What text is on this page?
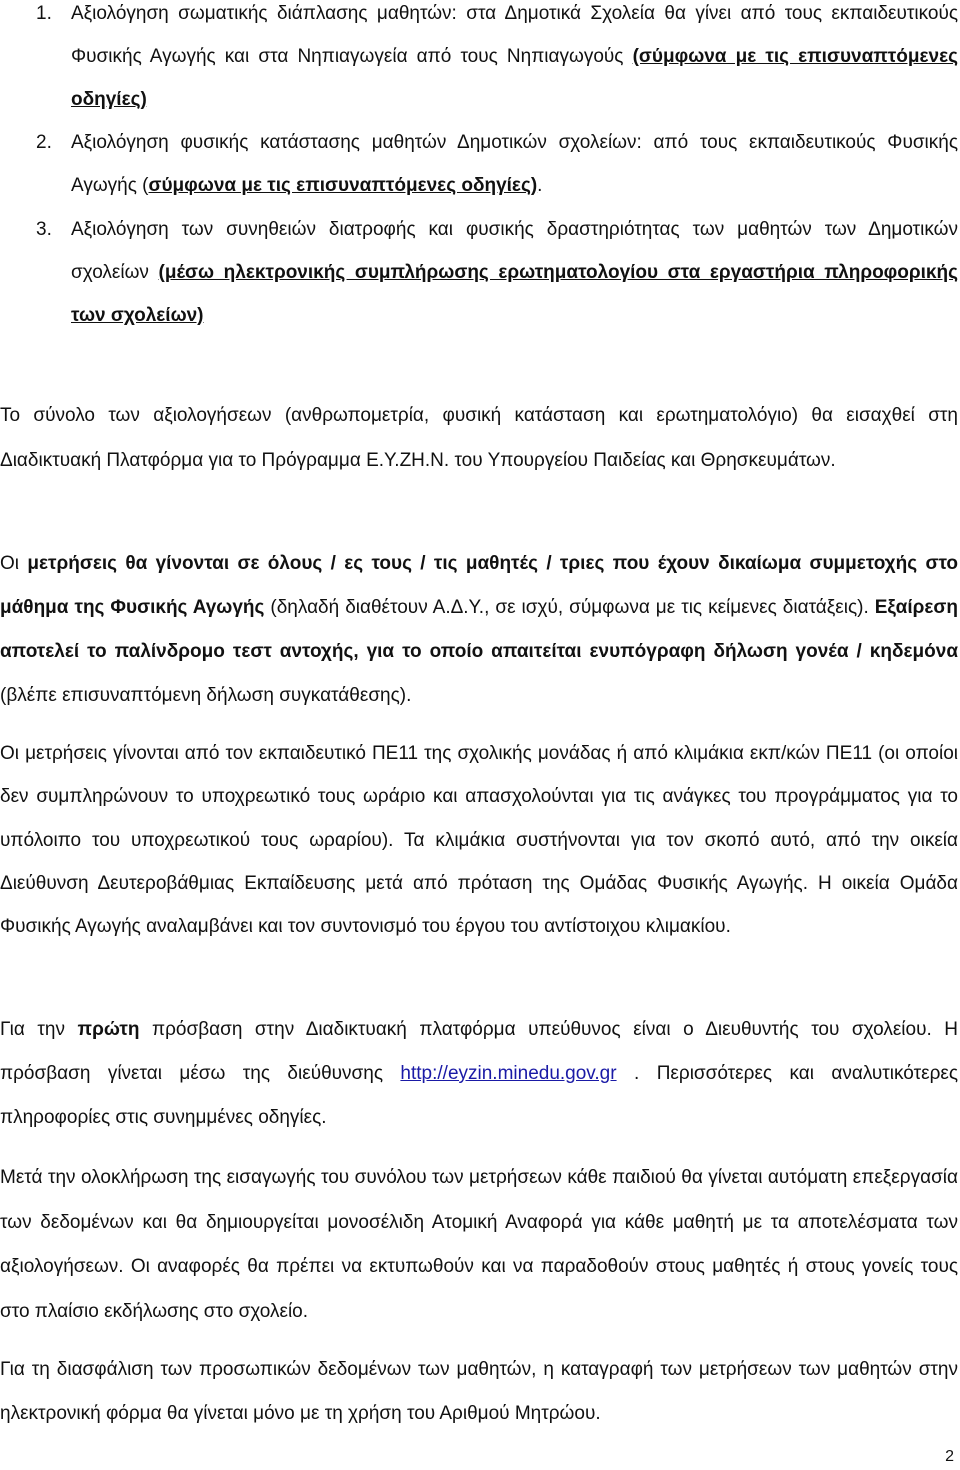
1. Αξιολόγηση σωματικής διάπλασης μαθητών: στα Δημοτικά Σχολεία θα γίνει από τους εκπαιδευτικούς Φυσικής Αγωγής και στα Νηπιαγωγεία από τους Νηπιαγωγούς (σύμφωνα με τις επισυναπτόμενες οδηγίες)
2. Αξιολόγηση φυσικής κατάστασης μαθητών Δημοτικών σχολείων: από τους εκπαιδευτικούς Φυσικής Αγωγής (σύμφωνα με τις επισυναπτόμενες οδηγίες).
3. Αξιολόγηση των συνηθειών διατροφής και φυσικής δραστηριότητας των μαθητών των Δημοτικών σχολείων (μέσω ηλεκτρονικής συμπλήρωσης ερωτηματολογίου στα εργαστήρια πληροφορικής των σχολείων)

Το σύνολο των αξιολογήσεων (ανθρωπομετρία, φυσική κατάσταση και ερωτηματολόγιο) θα εισαχθεί στη Διαδικτυακή Πλατφόρμα για το Πρόγραμμα Ε.Υ.ΖΗ.Ν. του Υπουργείου Παιδείας και Θρησκευμάτων.

Οι μετρήσεις θα γίνονται σε όλους / ες τους / τις μαθητές / τριες που έχουν δικαίωμα συμμετοχής στο μάθημα της Φυσικής Αγωγής (δηλαδή διαθέτουν Α.Δ.Υ., σε ισχύ, σύμφωνα με τις κείμενες διατάξεις). Εξαίρεση αποτελεί το παλίνδρομο τεστ αντοχής, για το οποίο απαιτείται ενυπόγραφη δήλωση γονέα / κηδεμόνα (βλέπε επισυναπτόμενη δήλωση συγκατάθεσης).

Οι μετρήσεις γίνονται από τον εκπαιδευτικό ΠΕ11 της σχολικής μονάδας ή από κλιμάκια εκπ/κών ΠΕ11 (οι οποίοι δεν συμπληρώνουν το υποχρεωτικό τους ωράριο και απασχολούνται για τις ανάγκες του προγράμματος για το υπόλοιπο του υποχρεωτικού τους ωραρίου). Τα κλιμάκια συστήνονται για τον σκοπό αυτό, από την οικεία Διεύθυνση Δευτεροβάθμιας Εκπαίδευσης μετά από πρόταση της Ομάδας Φυσικής Αγωγής. Η οικεία Ομάδα Φυσικής Αγωγής αναλαμβάνει και τον συντονισμό του έργου του αντίστοιχου κλιμακίου.

Για την πρώτη πρόσβαση στην Διαδικτυακή πλατφόρμα υπεύθυνος είναι ο Διευθυντής του σχολείου. Η πρόσβαση γίνεται μέσω της διεύθυνσης http://eyzin.minedu.gov.gr . Περισσότερες και αναλυτικότερες πληροφορίες στις συνημμένες οδηγίες.

Μετά την ολοκλήρωση της εισαγωγής του συνόλου των μετρήσεων κάθε παιδιού θα γίνεται αυτόματη επεξεργασία των δεδομένων και θα δημιουργείται μονοσέλιδη Ατομική Αναφορά για κάθε μαθητή με τα αποτελέσματα των αξιολογήσεων. Οι αναφορές θα πρέπει να εκτυπωθούν και να παραδοθούν στους μαθητές ή στους γονείς τους στο πλαίσιο εκδήλωσης στο σχολείο.

Για τη διασφάλιση των προσωπικών δεδομένων των μαθητών, η καταγραφή των μετρήσεων των μαθητών στην ηλεκτρονική φόρμα θα γίνεται μόνο με τη χρήση του Αριθμού Μητρώου.

2
